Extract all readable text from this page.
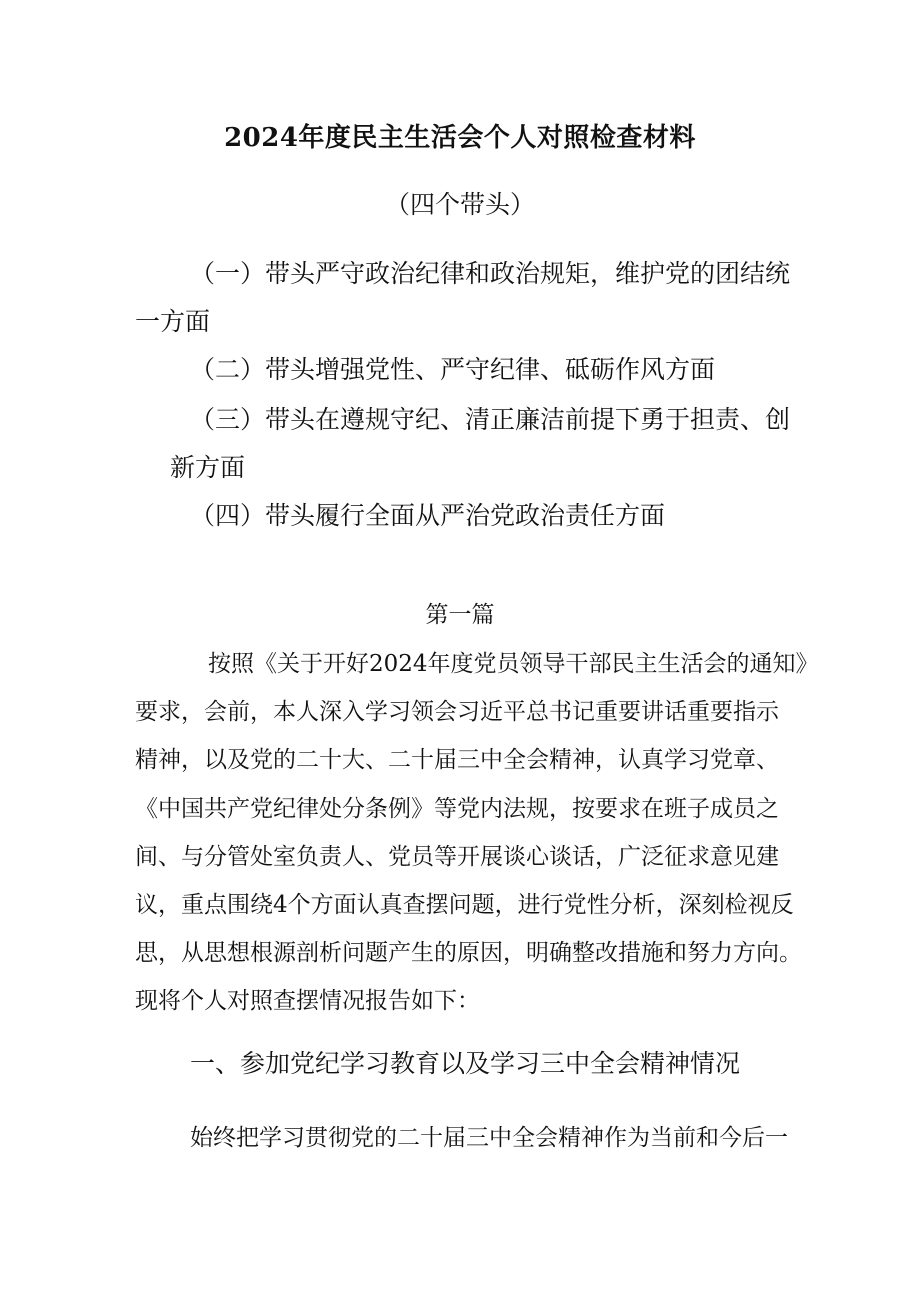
2024年度民主生活会个人对照检查材料
（四个带头）
（一）带头严守政治纪律和政治规矩，维护党的团结统
一方面
（二）带头增强党性、严守纪律、砥砺作风方面
（三）带头在遵规守纪、清正廉洁前提下勇于担责、创
新方面
（四）带头履行全面从严治党政治责任方面
第一篇
按照《关于开好2024年度党员领导干部民主生活会的通知》
要求，会前，本人深入学习领会习近平总书记重要讲话重要指示
精神，以及党的二十大、二十届三中全会精神，认真学习党章、
《中国共产党纪律处分条例》等党内法规，按要求在班子成员之
间、与分管处室负责人、党员等开展谈心谈话，广泛征求意见建
议，重点围绕4个方面认真查摆问题，进行党性分析，深刻检视反
思，从思想根源剖析问题产生的原因，明确整改措施和努力方向。
现将个人对照查摆情况报告如下：
一、参加党纪学习教育以及学习三中全会精神情况
始终把学习贯彻党的二十届三中全会精神作为当前和今后一
